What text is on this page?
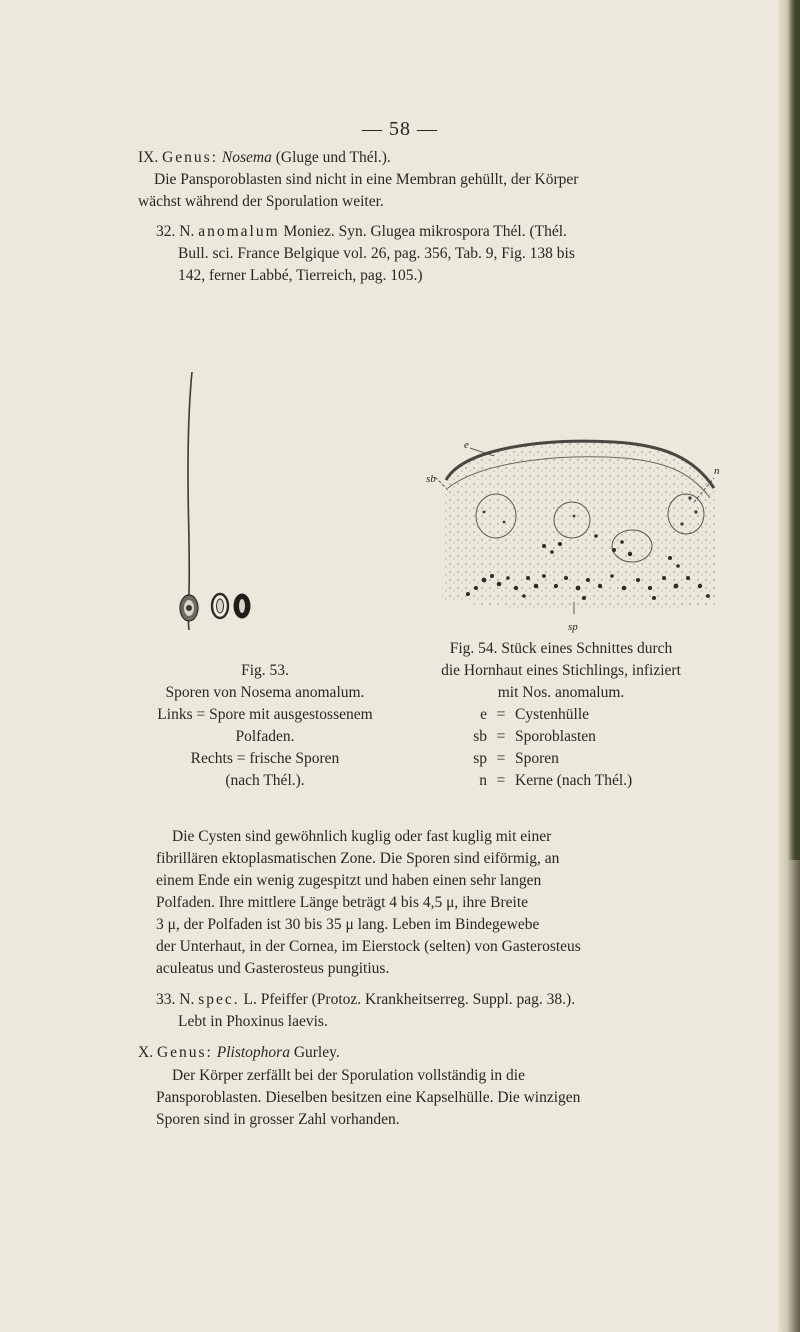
— 58 —
IX. Genus: Nosema (Gluge und Thél.).
Die Pansporoblasten sind nicht in eine Membran gehüllt, der Körper
wächst während der Sporulation weiter.
32. N. anomalum Moniez. Syn. Glugea mikrospora Thél. (Thél.
Bull. sci. France Belgique vol. 26, pag. 356, Tab. 9, Fig. 138 bis
142, ferner Labbé, Tierreich, pag. 105.)
e
sb
n
sp
Fig. 53.
Sporen von Nosema anomalum.
Links = Spore mit ausgestossenem
Polfaden.
Rechts = frische Sporen
(nach Thél.).
Fig. 54. Stück eines Schnittes durch
die Hornhaut eines Stichlings, infiziert
mit Nos. anomalum.
e = Cystenhülle
sb = Sporoblasten
sp = Sporen
n = Kerne (nach Thél.)
Die Cysten sind gewöhnlich kuglig oder fast kuglig mit einer
fibrillären ektoplasmatischen Zone. Die Sporen sind eiförmig, an
einem Ende ein wenig zugespitzt und haben einen sehr langen
Polfaden. Ihre mittlere Länge beträgt 4 bis 4,5 μ, ihre Breite
3 μ, der Polfaden ist 30 bis 35 μ lang. Leben im Bindegewebe
der Unterhaut, in der Cornea, im Eierstock (selten) von Gasterosteus
aculeatus und Gasterosteus pungitius.
33. N. spec. L. Pfeiffer (Protoz. Krankheitserreg. Suppl. pag. 38.).
Lebt in Phoxinus laevis.
X. Genus: Plistophora Gurley.
Der Körper zerfällt bei der Sporulation vollständig in die
Pansporoblasten. Dieselben besitzen eine Kapselhülle. Die winzigen
Sporen sind in grosser Zahl vorhanden.
